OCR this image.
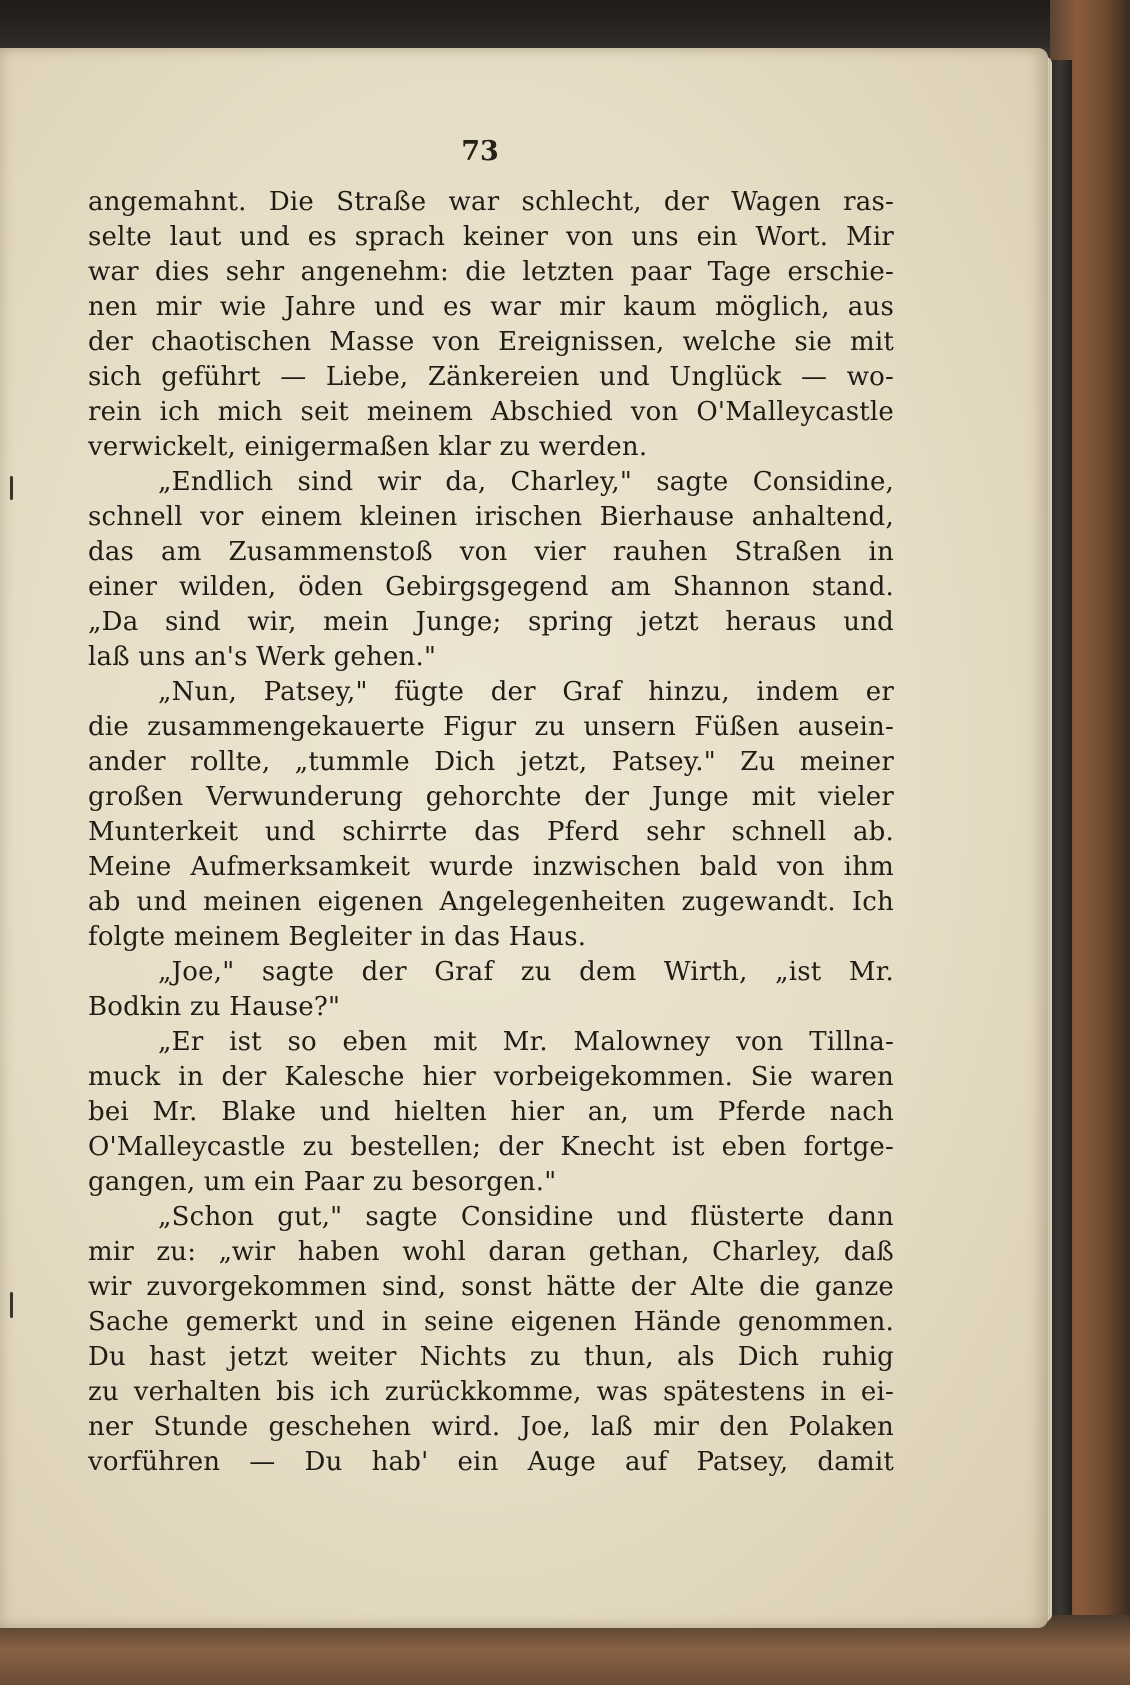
73
angemahnt. Die Straße war schlecht, der Wagen ras-
selte laut und es sprach keiner von uns ein Wort. Mir
war dies sehr angenehm: die letzten paar Tage erschie-
nen mir wie Jahre und es war mir kaum möglich, aus
der chaotischen Masse von Ereignissen, welche sie mit
sich geführt — Liebe, Zänkereien und Unglück — wo-
rein ich mich seit meinem Abschied von O'Malleycastle
verwickelt, einigermaßen klar zu werden.
„Endlich sind wir da, Charley," sagte Considine,
schnell vor einem kleinen irischen Bierhause anhaltend,
das am Zusammenstoß von vier rauhen Straßen in
einer wilden, öden Gebirgsgegend am Shannon stand.
„Da sind wir, mein Junge; spring jetzt heraus und
laß uns an's Werk gehen."
„Nun, Patsey," fügte der Graf hinzu, indem er
die zusammengekauerte Figur zu unsern Füßen ausein-
ander rollte, „tummle Dich jetzt, Patsey." Zu meiner
großen Verwunderung gehorchte der Junge mit vieler
Munterkeit und schirrte das Pferd sehr schnell ab.
Meine Aufmerksamkeit wurde inzwischen bald von ihm
ab und meinen eigenen Angelegenheiten zugewandt. Ich
folgte meinem Begleiter in das Haus.
„Joe," sagte der Graf zu dem Wirth, „ist Mr.
Bodkin zu Hause?"
„Er ist so eben mit Mr. Malowney von Tillna-
muck in der Kalesche hier vorbeigekommen. Sie waren
bei Mr. Blake und hielten hier an, um Pferde nach
O'Malleycastle zu bestellen; der Knecht ist eben fortge-
gangen, um ein Paar zu besorgen."
„Schon gut," sagte Considine und flüsterte dann
mir zu: „wir haben wohl daran gethan, Charley, daß
wir zuvorgekommen sind, sonst hätte der Alte die ganze
Sache gemerkt und in seine eigenen Hände genommen.
Du hast jetzt weiter Nichts zu thun, als Dich ruhig
zu verhalten bis ich zurückkomme, was spätestens in ei-
ner Stunde geschehen wird. Joe, laß mir den Polaken
vorführen — Du hab' ein Auge auf Patsey, damit
